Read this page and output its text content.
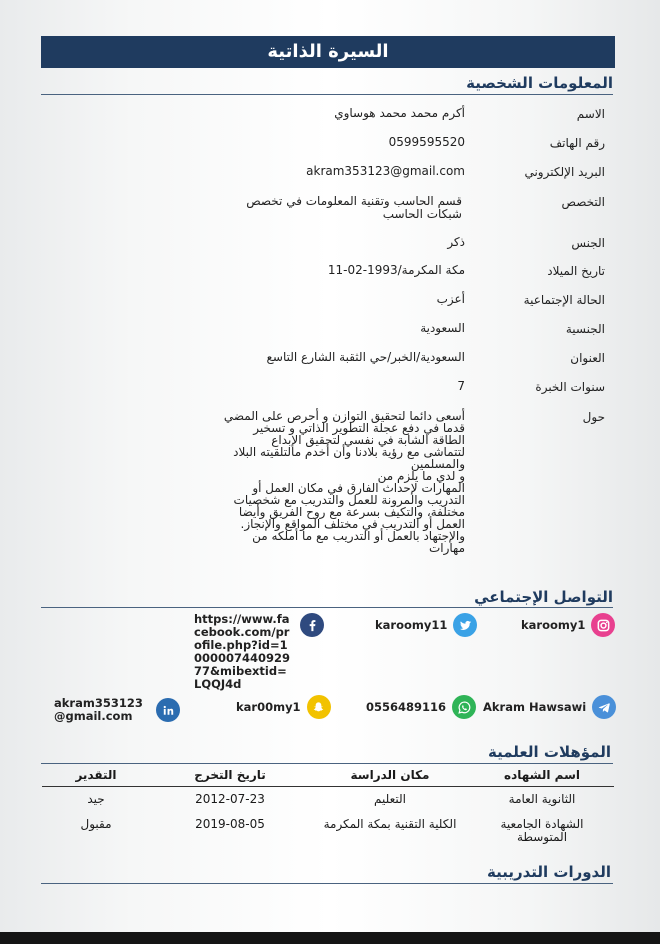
السيرة الذاتية
المعلومات الشخصية
الاسم
أكرم محمد محمد هوساوي
رقم الهاتف
0599595520
البريد الإلكتروني
akram353123@gmail.com
التخصص
قسم الحاسب وتقنية المعلومات في تخصص شبكات الحاسب
الجنس
ذكر
تاريخ الميلاد
مكة المكرمة/1993-02-11
الحالة الإجتماعية
أعزب
الجنسية
السعودية
العنوان
السعودية/الخبر/حي الثقبة الشارع التاسع
سنوات الخبرة
7
حول
أسعى دائما لتحقيق التوازن و أحرص على المضي
قدما في دفع عجلة التطوير الذاتي و تسخير
الطاقة الشابة في نفسي لتحقيق الإبداع
لتتماشى مع رؤية بلادنا وأن أخدم مالتلقيته البلاد
والمسلمين
و لدي ما يلزم من
المهارات لإحداث الفارق في مكان العمل أو
التدريب والمرونة للعمل والتدريب مع شخصيات
مختلفة، والتكيف بسرعة مع روح الفريق وأيضا
العمل أو التدريب في مختلف المواقع والإنجاز.
والإجتهاد بالعمل أو التدريب مع ما أملكه من
مهارات
التواصل الإجتماعي
karoomy1
karoomy11
https://www.facebook.com/profile.php?id=100000744092977&mibextid=LQQJ4d
Akram Hawsawi
0556489116
kar00my1
akram353123@gmail.com
المؤهلات العلمية
اسم الشهاده	مكان الدراسة	تاريخ التخرج	التقدير
الثانوية العامة	التعليم	2012-07-23	جيد
الشهادة الجامعية المتوسطة	الكلية التقنية بمكة المكرمة	2019-08-05	مقبول
الدورات التدريبية
